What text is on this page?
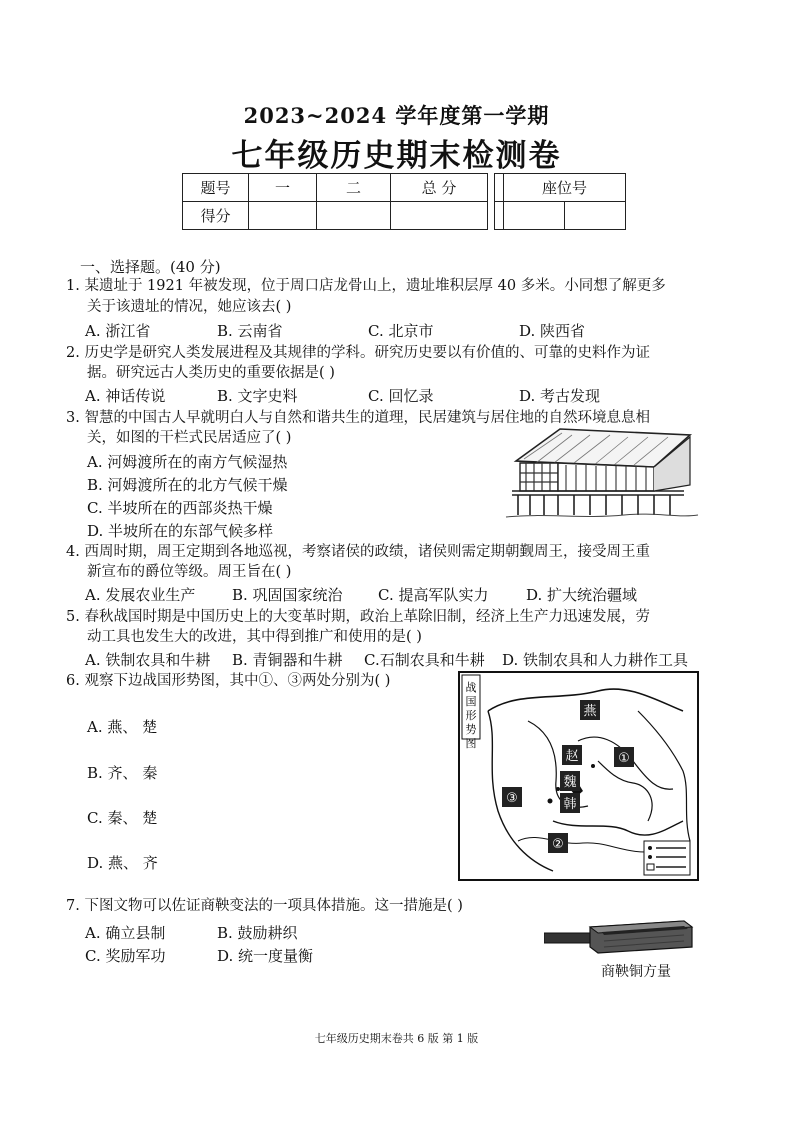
2023~2024 学年度第一学期
七年级历史期末检测卷
题号	一	二	总 分			座位号	
得分							
一、选择题。(40 分)
1. 某遗址于 1921 年被发现，位于周口店龙骨山上，遗址堆积层厚 40 多米。小同想了解更多
关于该遗址的情况，她应该去( )
A. 浙江省	B. 云南省	C. 北京市	D. 陕西省
2. 历史学是研究人类发展进程及其规律的学科。研究历史要以有价值的、可靠的史料作为证
据。研究远古人类历史的重要依据是( )
A. 神话传说	B. 文字史料	C. 回忆录	D. 考古发现
3. 智慧的中国古人早就明白人与自然和谐共生的道理，民居建筑与居住地的自然环境息息相
关，如图的干栏式民居适应了( )
A. 河姆渡所在的南方气候湿热
B. 河姆渡所在的北方气候干燥
C. 半坡所在的西部炎热干燥
D. 半坡所在的东部气候多样
4. 西周时期，周王定期到各地巡视，考察诸侯的政绩，诸侯则需定期朝觐周王，接受周王重
新宣布的爵位等级。周王旨在( )
A. 发展农业生产 B. 巩固国家统治 C. 提高军队实力	D. 扩大统治疆域
5. 春秋战国时期是中国历史上的大变革时期，政治上革除旧制，经济上生产力迅速发展，劳
动工具也发生大的改进，其中得到推广和使用的是( )
A. 铁制农具和牛耕 B. 青铜器和牛耕 C.石制农具和牛耕 D. 铁制农具和人力耕作工具
6. 观察下边战国形势图，其中①、③两处分别为( )
A. 燕、 楚
B. 齐、 秦
C. 秦、 楚
D. 燕、 齐
战
国
形
势
图
燕
赵
魏
韩
①
②
③
7. 下图文物可以佐证商鞅变法的一项具体措施。这一措施是( )
A. 确立县制	B. 鼓励耕织
C. 奖励军功	D. 统一度量衡
商鞅铜方量
七年级历史期末卷共 6 版 第 1 版
